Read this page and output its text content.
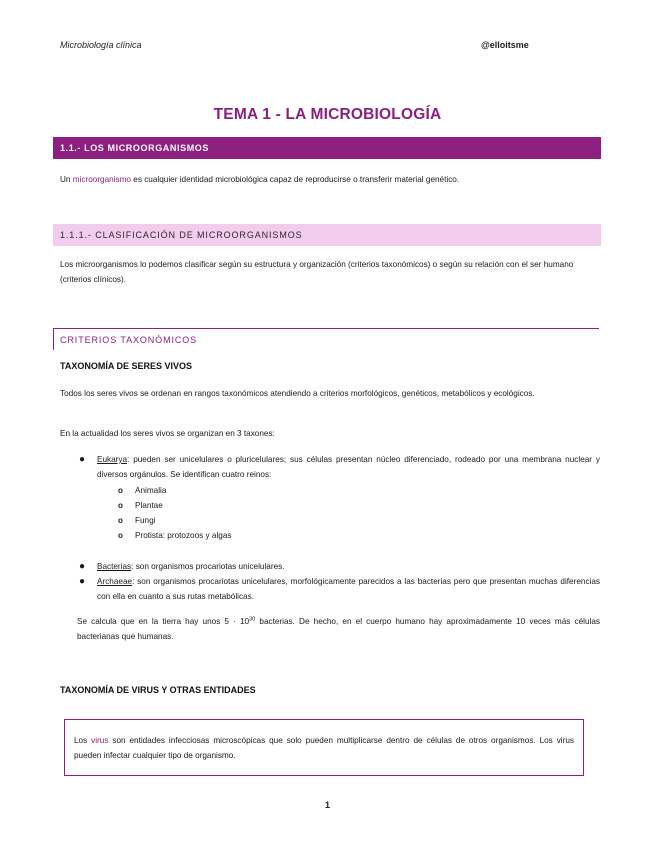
Microbiología clínica	@elloitsme
TEMA 1 - LA MICROBIOLOGÍA
1.1.- LOS MICROORGANISMOS
Un microorganismo es cualquier identidad microbiológica capaz de reproducirse o transferir material genético.
1.1.1.- CLASIFICACIÓN DE MICROORGANISMOS
Los microorganismos lo podemos clasificar según su estructura y organización (criterios taxonómicos) o según su relación con el ser humano (criterios clínicos).
CRITERIOS TAXONÓMICOS
TAXONOMÍA DE SERES VIVOS
Todos los seres vivos se ordenan en rangos taxonómicos atendiendo a criterios morfológicos, genéticos, metabólicos y ecológicos.
En la actualidad los seres vivos se organizan en 3 taxones:
● Eukarya: pueden ser unicelulares o pluricelulares; sus células presentan núcleo diferenciado, rodeado por una membrana nuclear y diversos orgánulos. Se identifican cuatro reinos:
o Animalia
o Plantae
o Fungi
o Protista: protozoos y algas
● Bacterias: son organismos procariotas unicelulares.
● Archaeae: son organismos procariotas unicelulares, morfológicamente parecidos a las bacterias pero que presentan muchas diferencias con ella en cuanto a sus rutas metabólicas.
Se calcula que en la tierra hay unos $5 \cdot 10^{30}$ bacterias. De hecho, en el cuerpo humano hay aproximadamente 10 veces más células bacterianas que humanas.
TAXONOMÍA DE VIRUS Y OTRAS ENTIDADES
Los virus son entidades infecciosas microscópicas que solo pueden multiplicarse dentro de células de otros organismos. Los virus pueden infectar cualquier tipo de organismo.
1
